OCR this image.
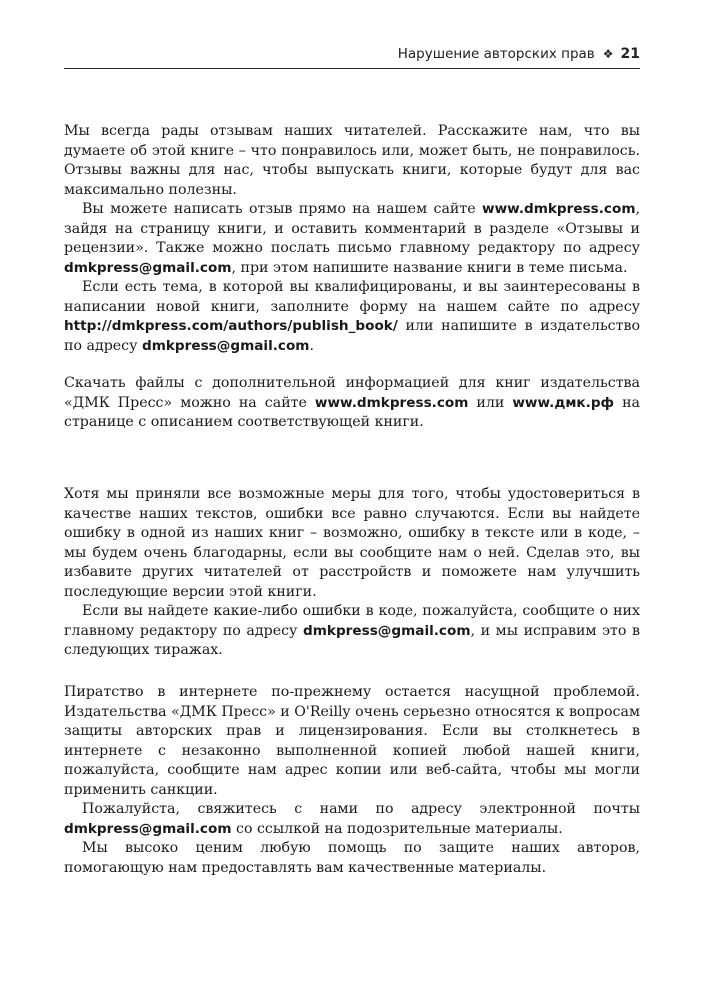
Нарушение авторских прав ❖ 21

Мы всегда рады отзывам наших читателей. Расскажите нам, что вы думаете об этой книге – что понравилось или, может быть, не понравилось. Отзывы важны для нас, чтобы выпускать книги, которые будут для вас максимально полезны.

Вы можете написать отзыв прямо на нашем сайте www.dmkpress.com, зайдя на страницу книги, и оставить комментарий в разделе «Отзывы и рецензии». Также можно послать письмо главному редактору по адресу dmkpress@gmail.com, при этом напишите название книги в теме письма.

Если есть тема, в которой вы квалифицированы, и вы заинтересованы в написании новой книги, заполните форму на нашем сайте по адресу http://dmkpress.com/authors/publish_book/ или напишите в издательство по адресу dmkpress@gmail.com.

Скачать файлы с дополнительной информацией для книг издательства «ДМК Пресс» можно на сайте www.dmkpress.com или www.дмк.рф на странице с описанием соответствующей книги.

Хотя мы приняли все возможные меры для того, чтобы удостовериться в качестве наших текстов, ошибки все равно случаются. Если вы найдете ошибку в одной из наших книг – возможно, ошибку в тексте или в коде, – мы будем очень благодарны, если вы сообщите нам о ней. Сделав это, вы избавите других читателей от расстройств и поможете нам улучшить последующие версии этой книги.

Если вы найдете какие-либо ошибки в коде, пожалуйста, сообщите о них главному редактору по адресу dmkpress@gmail.com, и мы исправим это в следующих тиражах.

Пиратство в интернете по-прежнему остается насущной проблемой. Издательства «ДМК Пресс» и O'Reilly очень серьезно относятся к вопросам защиты авторских прав и лицензирования. Если вы столкнетесь в интернете с незаконно выполненной копией любой нашей книги, пожалуйста, сообщите нам адрес копии или веб-сайта, чтобы мы могли применить санкции.

Пожалуйста, свяжитесь с нами по адресу электронной почты dmkpress@gmail.com со ссылкой на подозрительные материалы.

Мы высоко ценим любую помощь по защите наших авторов, помогающую нам предоставлять вам качественные материалы.
